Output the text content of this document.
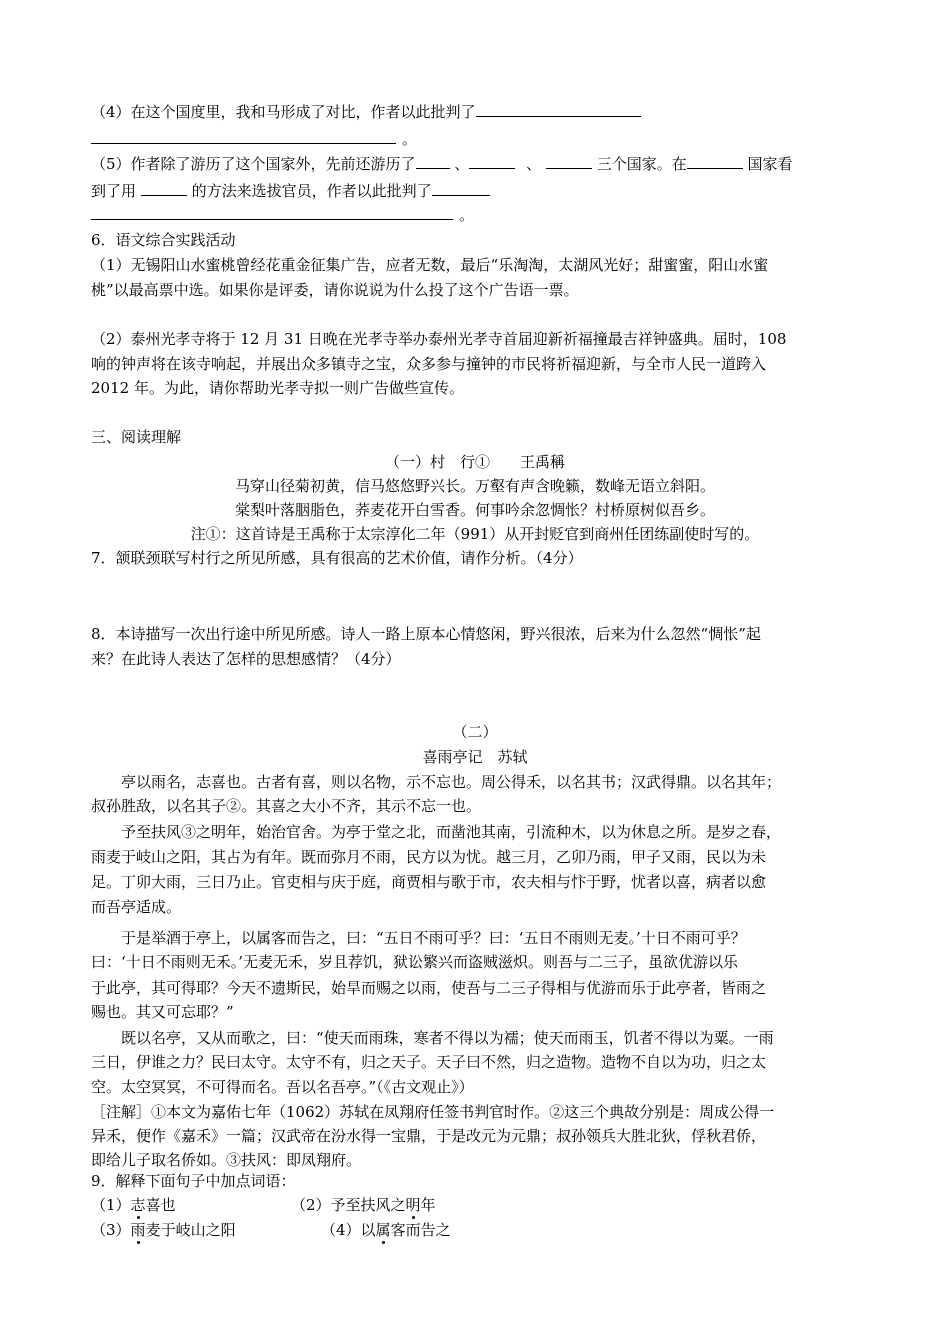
（4）在这个国度里，我和马形成了对比，作者以此批判了
。
（5）作者除了游历了这个国家外，先前还游历了	、	、	三个国家。在	国家看
到了用	的方法来选拔官员，作者以此批判了
。
6．语文综合实践活动
（1）无锡阳山水蜜桃曾经花重金征集广告，应者无数，最后“乐淘淘，太湖风光好；甜蜜蜜，阳山水蜜
桃”以最高票中选。如果你是评委，请你说说为什么投了这个广告语一票。
（2）泰州光孝寺将于 12 月 31 日晚在光孝寺举办泰州光孝寺首届迎新祈福撞最吉祥钟盛典。届时，108
响的钟声将在该寺响起，并展出众多镇寺之宝，众多参与撞钟的市民将祈福迎新，与全市人民一道跨入
2012 年。为此，请你帮助光孝寺拟一则广告做些宣传。
三、阅读理解
（一）村　行①　　王禹稱
马穿山径菊初黄，信马悠悠野兴长。万壑有声含晚籁，数峰无语立斜阳。
棠梨叶落胭脂色，荞麦花开白雪香。何事吟余忽惆怅？村桥原树似吾乡。
注①：这首诗是王禹称于太宗淳化二年（991）从开封贬官到商州任团练副使时写的。
7．颔联颈联写村行之所见所感，具有很高的艺术价值，请作分析。（4分）
8．本诗描写一次出行途中所见所感。诗人一路上原本心情悠闲，野兴很浓，后来为什么忽然“惆怅”起
来？在此诗人表达了怎样的思想感情？（4分）
（二）
喜雨亭记　苏轼
　　亭以雨名，志喜也。古者有喜，则以名物，示不忘也。周公得禾，以名其书；汉武得鼎。以名其年；
叔孙胜敌，以名其子②。其喜之大小不齐，其示不忘一也。
　　予至扶风③之明年，始治官舍。为亭于堂之北，而凿池其南，引流种木，以为休息之所。是岁之春，
雨麦于岐山之阳，其占为有年。既而弥月不雨，民方以为忧。越三月，乙卯乃雨，甲子又雨，民以为未
足。丁卯大雨，三日乃止。官吏相与庆于庭，商贾相与歌于市，农夫相与忭于野，忧者以喜，病者以愈
而吾亭适成。
　　于是举酒于亭上，以属客而告之，曰：“五日不雨可乎？曰：‘五日不雨则无麦。’十日不雨可乎？
曰：‘十日不雨则无禾。’无麦无禾，岁且荐饥，狱讼繁兴而盗贼滋炽。则吾与二三子，虽欲优游以乐
于此亭，其可得耶？今天不遗斯民，始旱而赐之以雨，使吾与二三子得相与优游而乐于此亭者，皆雨之
赐也。其又可忘耶？”
　　既以名亭，又从而歌之，曰：“使天而雨珠，寒者不得以为襦；使天而雨玉，饥者不得以为粟。一雨
三日，伊谁之力？民曰太守。太守不有，归之天子。天子曰不然，归之造物。造物不自以为功，归之太
空。太空冥冥，不可得而名。吾以名吾亭。”（《古文观止》）
［注解］①本文为嘉佑七年（1062）苏轼在凤翔府任签书判官时作。②这三个典故分别是：周成公得一
异禾，便作《嘉禾》一篇；汉武帝在汾水得一宝鼎，于是改元为元鼎；叔孙领兵大胜北狄，俘秋君侨，
即给儿子取名侨如。③扶风：即凤翔府。
9．解释下面句子中加点词语：
（1）志喜也	（2）予至扶风之明年
（3）雨麦于岐山之阳	（4）以属客而告之
